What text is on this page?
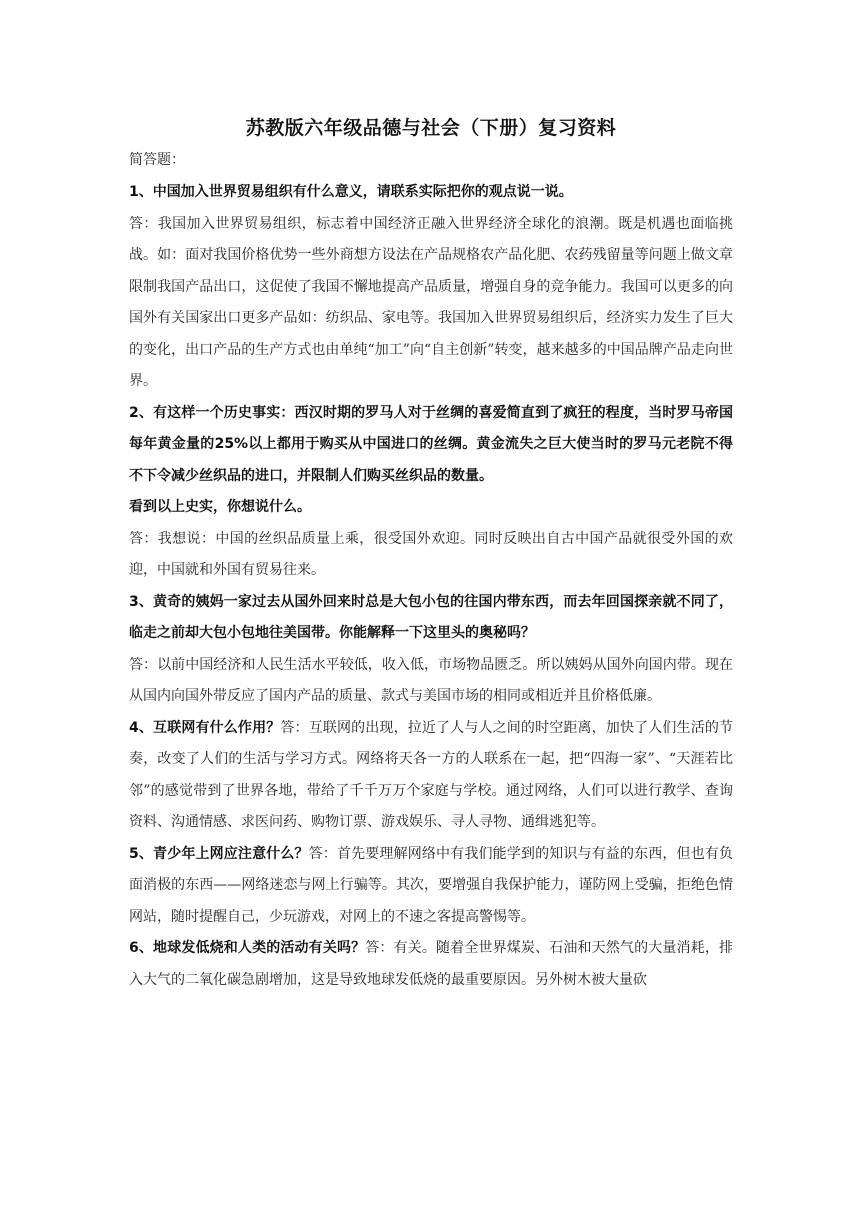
苏教版六年级品德与社会（下册）复习资料
简答题：

1、中国加入世界贸易组织有什么意义，请联系实际把你的观点说一说。

答：我国加入世界贸易组织，标志着中国经济正融入世界经济全球化的浪潮。既是机遇也面临挑战。如：面对我国价格优势一些外商想方设法在产品规格农产品化肥、农药残留量等问题上做文章限制我国产品出口，这促使了我国不懈地提高产品质量，增强自身的竞争能力。我国可以更多的向国外有关国家出口更多产品如：纺织品、家电等。我国加入世界贸易组织后，经济实力发生了巨大的变化，出口产品的生产方式也由单纯“加工”向“自主创新”转变，越来越多的中国品牌产品走向世界。

2、有这样一个历史事实：西汉时期的罗马人对于丝绸的喜爱简直到了疯狂的程度，当时罗马帝国每年黄金量的25%以上都用于购买从中国进口的丝绸。黄金流失之巨大使当时的罗马元老院不得不下令减少丝织品的进口，并限制人们购买丝织品的数量。

看到以上史实，你想说什么。

答：我想说：中国的丝织品质量上乘，很受国外欢迎。同时反映出自古中国产品就很受外国的欢迎，中国就和外国有贸易往来。

3、黄奇的姨妈一家过去从国外回来时总是大包小包的往国内带东西，而去年回国探亲就不同了，临走之前却大包小包地往美国带。你能解释一下这里头的奥秘吗？

答：以前中国经济和人民生活水平较低，收入低，市场物品匮乏。所以姨妈从国外向国内带。现在从国内向国外带反应了国内产品的质量、款式与美国市场的相同或相近并且价格低廉。

4、互联网有什么作用？答：互联网的出现，拉近了人与人之间的时空距离，加快了人们生活的节奏，改变了人们的生活与学习方式。网络将天各一方的人联系在一起，把“四海一家”、“天涯若比邻”的感觉带到了世界各地，带给了千千万万个家庭与学校。通过网络，人们可以进行教学、查询资料、沟通情感、求医问药、购物订票、游戏娱乐、寻人寻物、通缉逃犯等。

5、青少年上网应注意什么？答：首先要理解网络中有我们能学到的知识与有益的东西，但也有负面消极的东西——网络迷恋与网上行骗等。其次，要增强自我保护能力，谨防网上受骗，拒绝色情网站，随时提醒自己，少玩游戏，对网上的不速之客提高警惕等。

6、地球发低烧和人类的活动有关吗？答：有关。随着全世界煤炭、石油和天然气的大量消耗，排入大气的二氧化碳急剧增加，这是导致地球发低烧的最重要原因。另外树木被大量砍
